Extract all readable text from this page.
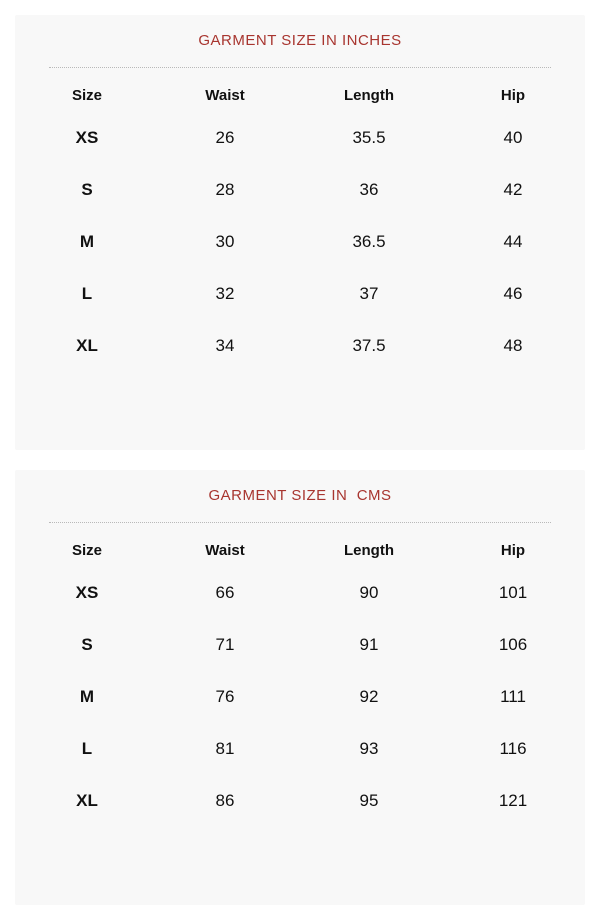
GARMENT SIZE IN INCHES
Size	Waist	Length	Hip
XS	26	35.5	40
S	28	36	42
M	30	36.5	44
L	32	37	46
XL	34	37.5	48
GARMENT SIZE IN  CMS
Size	Waist	Length	Hip
XS	66	90	101
S	71	91	106
M	76	92	111
L	81	93	116
XL	86	95	121
